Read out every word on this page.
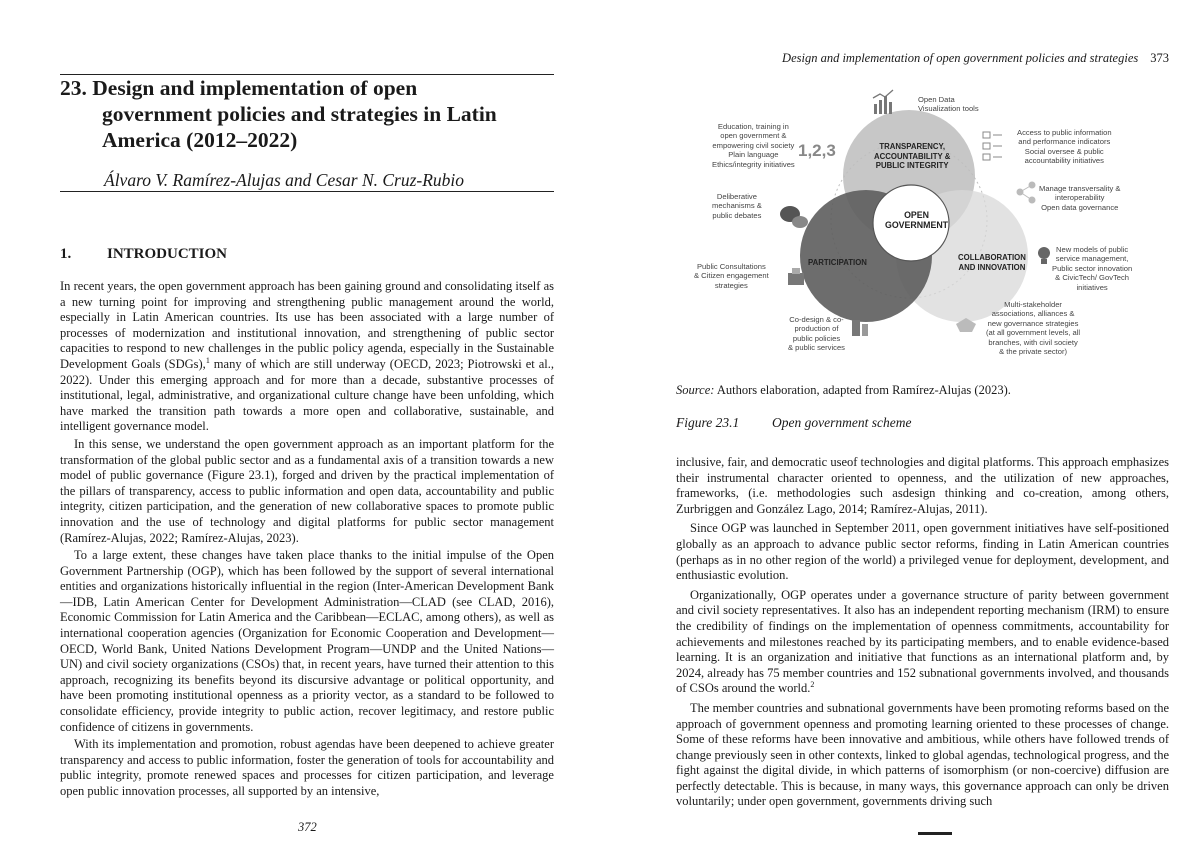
23. Design and implementation of open
government policies and strategies in Latin
America (2012–2022)
Álvaro V. Ramírez-Alujas and Cesar N. Cruz-Rubio
1. INTRODUCTION

In recent years, the open government approach has been gaining ground and consolidating itself as a new turning point for improving and strengthening public management around the world, especially in Latin American countries. Its use has been associated with a large number of processes of modernization and institutional innovation, and strengthening of public sector capacities to respond to new challenges in the public policy agenda, especially in the Sustainable Development Goals (SDGs),$^1$ many of which are still underway (OECD, 2023; Piotrowski et al., 2022). Under this emerging approach and for more than a decade, substantive processes of institutional, legal, administrative, and organizational culture change have been unfolding, which have marked the transition path towards a more open and collaborative, sustainable, and intelligent governance model.

In this sense, we understand the open government approach as an important platform for the transformation of the global public sector and as a fundamental axis of a transition towards a new model of public governance (Figure 23.1), forged and driven by the practical implementation of the pillars of transparency, access to public information and open data, accountability and public integrity, citizen participation, and the generation of new collaborative spaces to promote public innovation and the use of technology and digital platforms for public sector management (Ramírez-Alujas, 2022; Ramírez-Alujas, 2023).

To a large extent, these changes have taken place thanks to the initial impulse of the Open Government Partnership (OGP), which has been followed by the support of several international entities and organizations historically influential in the region (Inter-American Development Bank—IDB, Latin American Center for Development Administration—CLAD (see CLAD, 2016), Economic Commission for Latin America and the Caribbean—ECLAC, among others), as well as international cooperation agencies (Organization for Economic Cooperation and Development—OECD, World Bank, United Nations Development Program—UNDP and the United Nations—UN) and civil society organizations (CSOs) that, in recent years, have turned their attention to this approach, recognizing its benefits beyond its discursive advantage or political opportunity, and have been promoting institutional openness as a priority vector, as a standard to be followed to consolidate efficiency, provide integrity to public action, recover legitimacy, and restore public confidence of citizens in governments.

With its implementation and promotion, robust agendas have been deepened to achieve greater transparency and access to public information, foster the generation of tools for accountability and public integrity, promote renewed spaces and processes for citizen participation, and leverage open public innovation processes, all supported by an intensive,

372
Design and implementation of open government policies and strategies 373
1,2,3	TRANSPARENCY,
ACCOUNTABILITY &
PUBLIC INTEGRITY
PARTICIPATION
COLLABORATION
AND INNOVATION
OPEN
GOVERNMENT
Open Data
Visualization tools
Education, training in
open government &
empowering civil society
Plain language
Ethics/integrity initiatives
Access to public information
and performance indicators
Social oversee & public
accountability initiatives
Deliberative
mechanisms &
public debates
Manage transversality &
interoperability
Open data governance
Public Consultations
& Citizen engagement
strategies
New models of public
service management,
Public sector innovation
& CivicTech/ GovTech
initiatives
Co-design & co-
production of
public policies
& public services
Multi-stakeholder
associations, alliances &
new governance strategies
(at all government levels, all
branches, with civil society
& the private sector)
Source: Authors elaboration, adapted from Ramírez-Alujas (2023).
Figure 23.1 Open government scheme

inclusive, fair, and democratic useof technologies and digital platforms. This approach emphasizes their instrumental character oriented to openness, and the utilization of new approaches, frameworks, (i.e. methodologies such asdesign thinking and co-creation, among others, Zurbriggen and González Lago, 2014; Ramírez-Alujas, 2011).

Since OGP was launched in September 2011, open government initiatives have self-positioned globally as an approach to advance public sector reforms, finding in Latin American countries (perhaps as in no other region of the world) a privileged venue for deployment, development, and enthusiastic evolution.

Organizationally, OGP operates under a governance structure of parity between government and civil society representatives. It also has an independent reporting mechanism (IRM) to ensure the credibility of findings on the implementation of openness commitments, accountability for achievements and milestones reached by its participating members, and to enable evidence-based learning. It is an organization and initiative that functions as an international platform and, by 2024, already has 75 member countries and 152 subnational governments involved, and thousands of CSOs around the world.$^2$

The member countries and subnational governments have been promoting reforms based on the approach of government openness and promoting learning oriented to these processes of change. Some of these reforms have been innovative and ambitious, while others have followed trends of change previously seen in other contexts, linked to global agendas, technological progress, and the fight against the digital divide, in which patterns of isomorphism (or non-coercive) diffusion are perfectly detectable. This is because, in many ways, this governance approach can only be driven voluntarily; under open government, governments driving such
